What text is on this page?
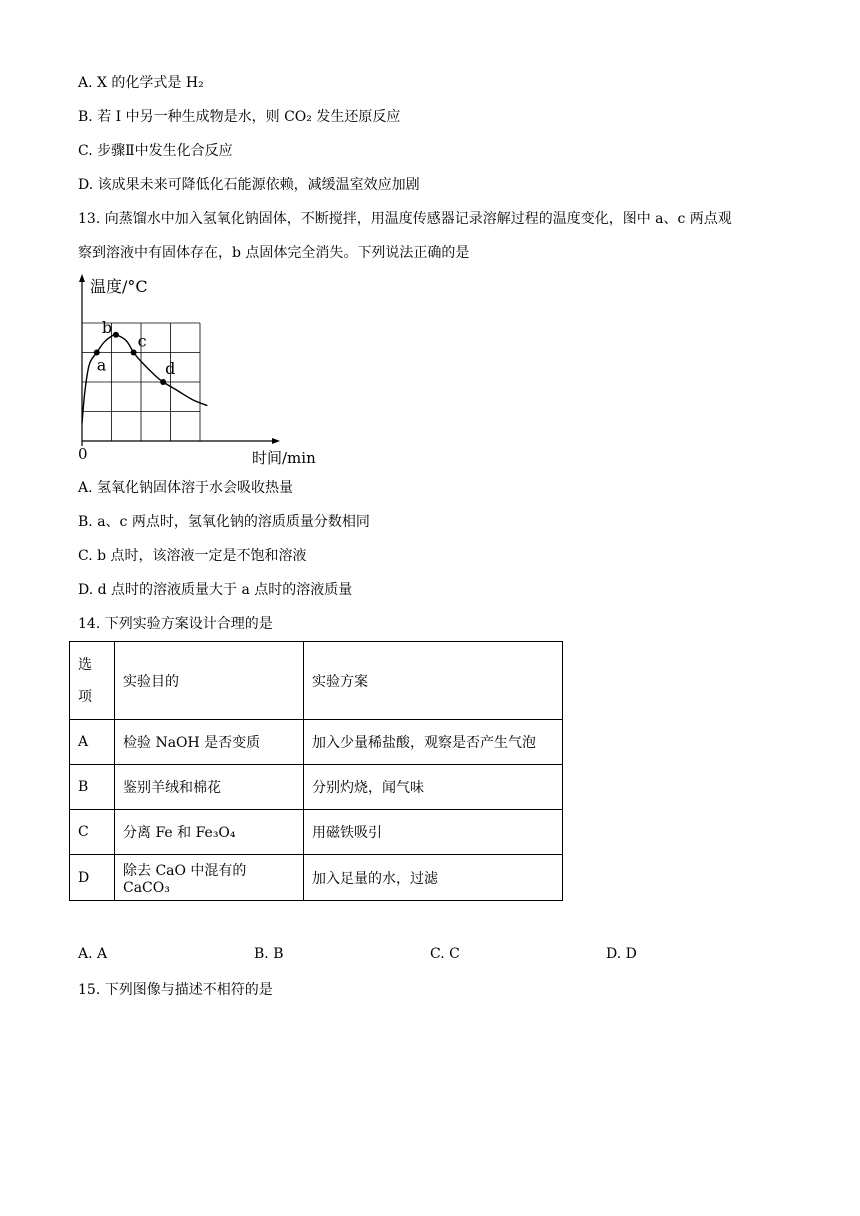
A. X 的化学式是 H₂
B. 若 I 中另一种生成物是水，则 CO₂ 发生还原反应
C. 步骤Ⅱ中发生化合反应
D. 该成果未来可降低化石能源依赖，减缓温室效应加剧
13. 向蒸馏水中加入氢氧化钠固体，不断搅拌，用温度传感器记录溶解过程的温度变化，图中 a、c 两点观
察到溶液中有固体存在，b 点固体完全消失。下列说法正确的是
a
b
c
d
温度/°C
时间/min
0
A. 氢氧化钠固体溶于水会吸收热量
B. a、c 两点时，氢氧化钠的溶质质量分数相同
C. b 点时，该溶液一定是不饱和溶液
D. d 点时的溶液质量大于 a 点时的溶液质量
14. 下列实验方案设计合理的是
选
项	实验目的	实验方案
A	检验 NaOH 是否变质	加入少量稀盐酸，观察是否产生气泡
B	鉴别羊绒和棉花	分别灼烧，闻气味
C	分离 Fe 和 Fe₃O₄	用磁铁吸引
D	除去 CaO 中混有的 CaCO₃	加入足量的水，过滤
A. A	B. B	C. C	D. D
15. 下列图像与描述不相符的是
